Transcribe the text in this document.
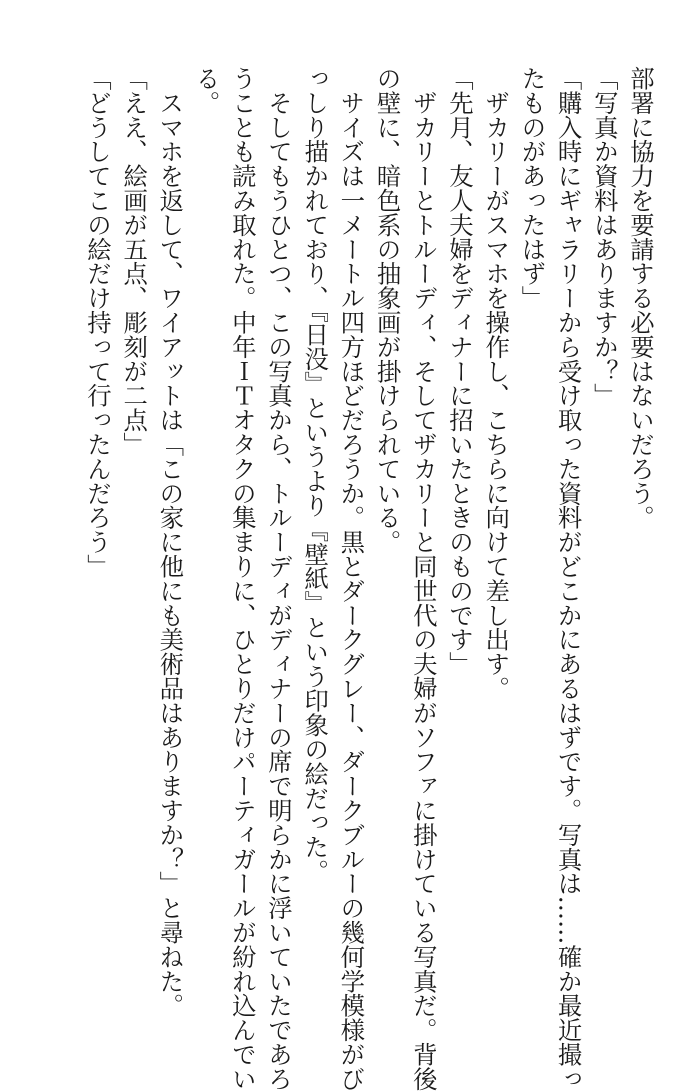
部署に協力を要請する必要はないだろう。
「写真か資料はありますか？」
「購入時にギャラリーから受け取った資料がどこかにあるはずです。写真は……確か最近撮っ
たものがあったはず」
　ザカリーがスマホを操作し、こちらに向けて差し出す。
「先月、友人夫婦をディナーに招いたときのものです」
　ザカリーとトルーディ、そしてザカリーと同世代の夫婦がソファに掛けている写真だ。背後
の壁に、暗色系の抽象画が掛けられている。
　サイズは一メートル四方ほどだろうか。黒とダークグレー、ダークブルーの幾何学模様がび
っしり描かれており、『日没』というより『壁紙』という印象の絵だった。
　そしてもうひとつ、この写真から、トルーディがディナーの席で明らかに浮いていたであろ
うことも読み取れた。中年ＩＴオタクの集まりに、ひとりだけパーティガールが紛れ込んでい
る。
　スマホを返して、ワイアットは「この家に他にも美術品はありますか？」と尋ねた。
「ええ、絵画が五点、彫刻が二点」
「どうしてこの絵だけ持って行ったんだろう」
